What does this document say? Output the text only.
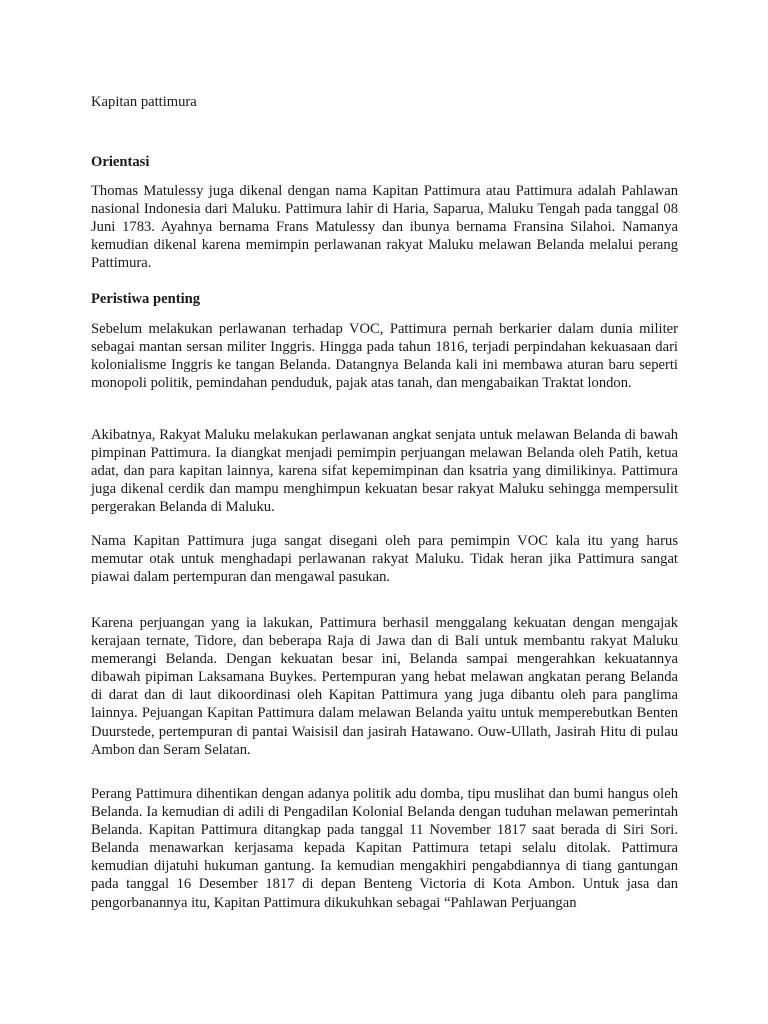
Kapitan pattimura
Orientasi

Thomas Matulessy juga dikenal dengan nama Kapitan Pattimura atau Pattimura adalah Pahlawan nasional Indonesia dari Maluku. Pattimura lahir di Haria, Saparua, Maluku Tengah pada tanggal 08 Juni 1783. Ayahnya bernama Frans Matulessy dan ibunya bernama Fransina Silahoi. Namanya kemudian dikenal karena memimpin perlawanan rakyat Maluku melawan Belanda melalui perang Pattimura.

Peristiwa penting

Sebelum melakukan perlawanan terhadap VOC, Pattimura pernah berkarier dalam dunia militer sebagai mantan sersan militer Inggris. Hingga pada tahun 1816, terjadi perpindahan kekuasaan dari kolonialisme Inggris ke tangan Belanda. Datangnya Belanda kali ini membawa aturan baru seperti monopoli politik, pemindahan penduduk, pajak atas tanah, dan mengabaikan Traktat london.

Akibatnya, Rakyat Maluku melakukan perlawanan angkat senjata untuk melawan Belanda di bawah pimpinan Pattimura. Ia diangkat menjadi pemimpin perjuangan melawan Belanda oleh Patih, ketua adat, dan para kapitan lainnya, karena sifat kepemimpinan dan ksatria yang dimilikinya. Pattimura juga dikenal cerdik dan mampu menghimpun kekuatan besar rakyat Maluku sehingga mempersulit pergerakan Belanda di Maluku.

Nama Kapitan Pattimura juga sangat disegani oleh para pemimpin VOC kala itu yang harus memutar otak untuk menghadapi perlawanan rakyat Maluku. Tidak heran jika Pattimura sangat piawai dalam pertempuran dan mengawal pasukan.

Karena perjuangan yang ia lakukan, Pattimura berhasil menggalang kekuatan dengan mengajak kerajaan ternate, Tidore, dan beberapa Raja di Jawa dan di Bali untuk membantu rakyat Maluku memerangi Belanda. Dengan kekuatan besar ini, Belanda sampai mengerahkan kekuatannya dibawah pipiman Laksamana Buykes. Pertempuran yang hebat melawan angkatan perang Belanda di darat dan di laut dikoordinasi oleh Kapitan Pattimura yang juga dibantu oleh para panglima lainnya. Pejuangan Kapitan Pattimura dalam melawan Belanda yaitu untuk memperebutkan Benten Duurstede, pertempuran di pantai Waisisil dan jasirah Hatawano. Ouw-Ullath, Jasirah Hitu di pulau Ambon dan Seram Selatan.

Perang Pattimura dihentikan dengan adanya politik adu domba, tipu muslihat dan bumi hangus oleh Belanda. Ia kemudian di adili di Pengadilan Kolonial Belanda dengan tuduhan melawan pemerintah Belanda. Kapitan Pattimura ditangkap pada tanggal 11 November 1817 saat berada di Siri Sori. Belanda menawarkan kerjasama kepada Kapitan Pattimura tetapi selalu ditolak. Pattimura kemudian dijatuhi hukuman gantung. Ia kemudian mengakhiri pengabdiannya di tiang gantungan pada tanggal 16 Desember 1817 di depan Benteng Victoria di Kota Ambon. Untuk jasa dan pengorbanannya itu, Kapitan Pattimura dikukuhkan sebagai “Pahlawan Perjuangan
